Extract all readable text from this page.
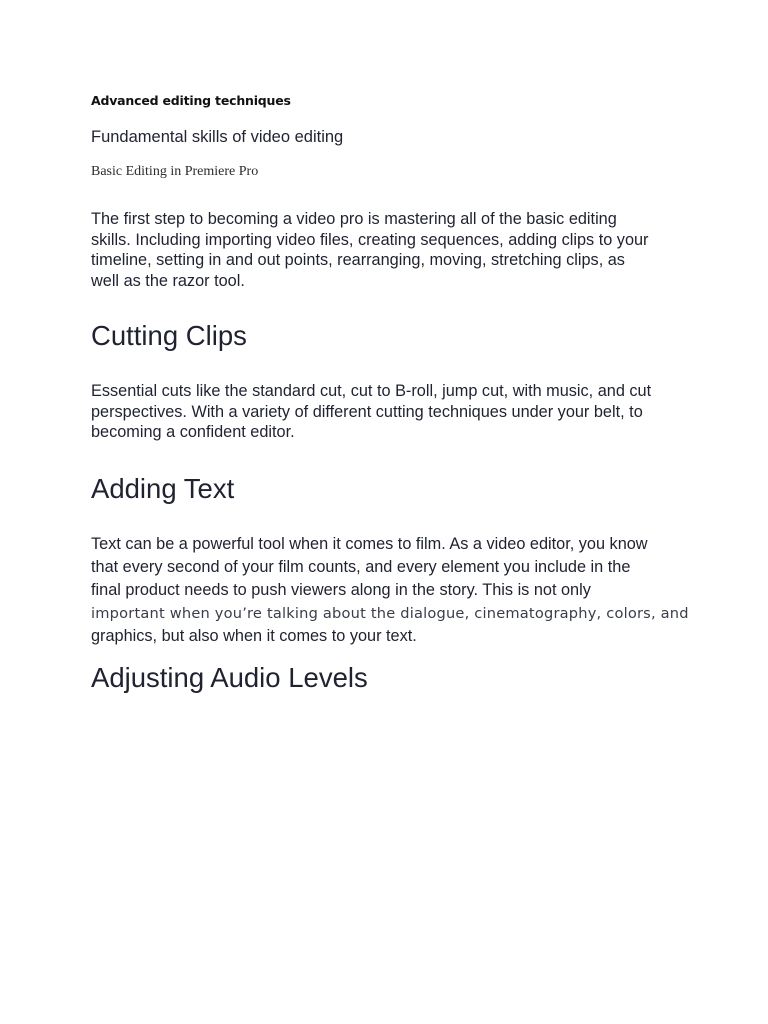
Advanced editing techniques

Fundamental skills of video editing

Basic Editing in Premiere Pro

The first step to becoming a video pro is mastering all of the basic editing
skills. Including importing video files, creating sequences, adding clips to your
timeline, setting in and out points, rearranging, moving, stretching clips, as
well as the razor tool.
Cutting Clips
Essential cuts like the standard cut, cut to B-roll, jump cut, with music, and cut
perspectives. With a variety of different cutting techniques under your belt, to
becoming a confident editor.
Adding Text
Text can be a powerful tool when it comes to film. As a video editor, you know
that every second of your film counts, and every element you include in the
final product needs to push viewers along in the story. This is not only
important when you’re talking about the dialogue, cinematography, colors, and
graphics, but also when it comes to your text.
Adjusting Audio Levels
